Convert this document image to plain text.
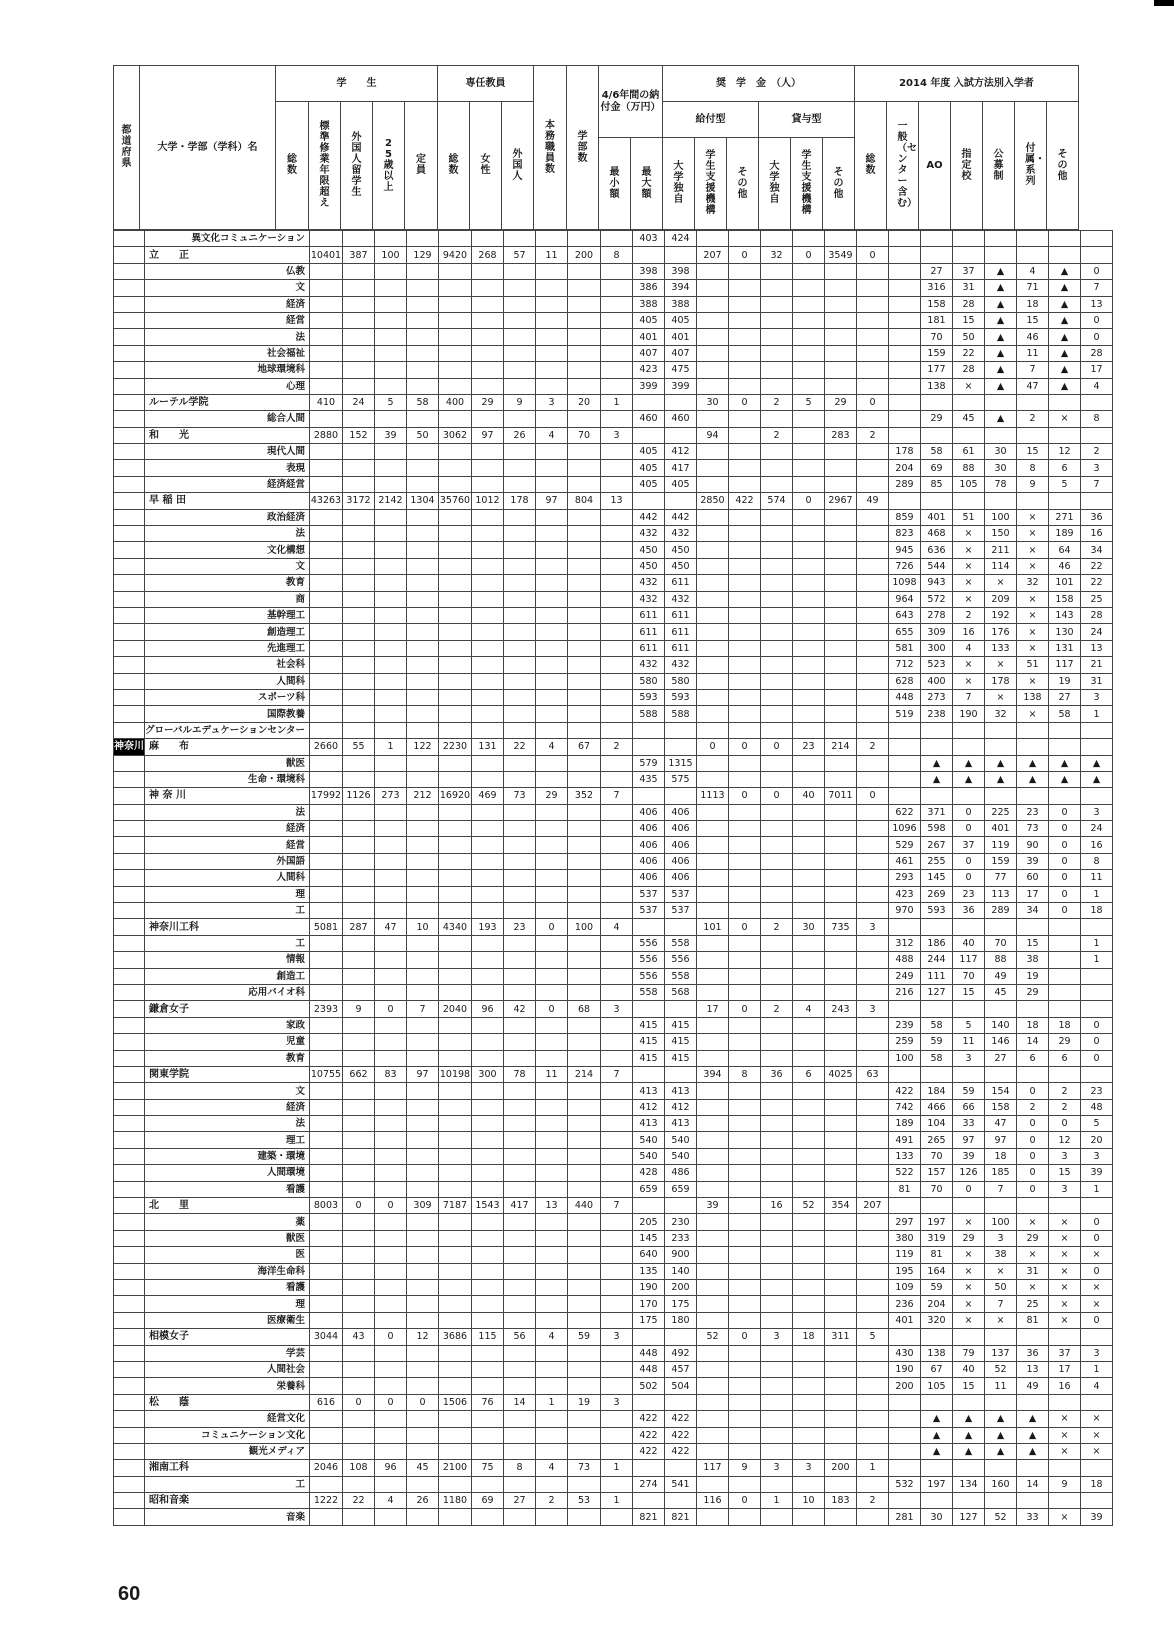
都道府県	大学・学部（学科）名	学　　生					専任教員			本務職員数	学部数	4/6年間の納付金（万円）		奨　学　金　（人）						2014 年度 入試方法別入学者						
		総数	標準修業年限超え	外国人留学生	25歳以上	定員	総数	女性	外国人					給付型			貸与型			総数	一般（センター含む）	AO	指定校	公募制	付属・系列	その他
												最小額	最大額	大学独自	学生支援機構	その他	大学独自	学生支援機構	その他							
	異文化コミュニケーション											403	424													
	立　　正	10401	387	100	129	9420	268	57	11	200	8			207	0	32	0	3549	0							
	仏教											398	398								27	37	▲	4	▲	0
	文											386	394								316	31	▲	71	▲	7
	経済											388	388								158	28	▲	18	▲	13
	経営											405	405								181	15	▲	15	▲	0
	法											401	401								70	50	▲	46	▲	0
	社会福祉											407	407								159	22	▲	11	▲	28
	地球環境科											423	475								177	28	▲	7	▲	17
	心理											399	399								138	×	▲	47	▲	4
	ルーテル学院	410	24	5	58	400	29	9	3	20	1			30	0	2	5	29	0							
	総合人間											460	460								29	45	▲	2	×	8
	和　　光	2880	152	39	50	3062	97	26	4	70	3			94		2		283	2							
	現代人間											405	412							178	58	61	30	15	12	2
	表現											405	417							204	69	88	30	8	6	3
	経済経営											405	405							289	85	105	78	9	5	7
	早 稲 田	43263	3172	2142	1304	35760	1012	178	97	804	13			2850	422	574	0	2967	49							
	政治経済											442	442							859	401	51	100	×	271	36
	法											432	432							823	468	×	150	×	189	16
	文化構想											450	450							945	636	×	211	×	64	34
	文											450	450							726	544	×	114	×	46	22
	教育											432	611							1098	943	×	×	32	101	22
	商											432	432							964	572	×	209	×	158	25
	基幹理工											611	611							643	278	2	192	×	143	28
	創造理工											611	611							655	309	16	176	×	130	24
	先進理工											611	611							581	300	4	133	×	131	13
	社会科											432	432							712	523	×	×	51	117	21
	人間科											580	580							628	400	×	178	×	19	31
	スポーツ科											593	593							448	273	7	×	138	27	3
	国際教養											588	588							519	238	190	32	×	58	1
	グローバルエデュケーションセンター																									
神奈川	麻　　布	2660	55	1	122	2230	131	22	4	67	2			0	0	0	23	214	2							
	獣医											579	1315								▲	▲	▲	▲	▲	▲
	生命・環境科											435	575								▲	▲	▲	▲	▲	▲
	神 奈 川	17992	1126	273	212	16920	469	73	29	352	7			1113	0	0	40	7011	0							
	法											406	406							622	371	0	225	23	0	3
	経済											406	406							1096	598	0	401	73	0	24
	経営											406	406							529	267	37	119	90	0	16
	外国語											406	406							461	255	0	159	39	0	8
	人間科											406	406							293	145	0	77	60	0	11
	理											537	537							423	269	23	113	17	0	1
	工											537	537							970	593	36	289	34	0	18
	神奈川工科	5081	287	47	10	4340	193	23	0	100	4			101	0	2	30	735	3							
	工											556	558							312	186	40	70	15		1
	情報											556	556							488	244	117	88	38		1
	創造工											556	558							249	111	70	49	19		
	応用バイオ科											558	568							216	127	15	45	29		
	鎌倉女子	2393	9	0	7	2040	96	42	0	68	3			17	0	2	4	243	3							
	家政											415	415							239	58	5	140	18	18	0
	児童											415	415							259	59	11	146	14	29	0
	教育											415	415							100	58	3	27	6	6	0
	関東学院	10755	662	83	97	10198	300	78	11	214	7			394	8	36	6	4025	63							
	文											413	413							422	184	59	154	0	2	23
	経済											412	412							742	466	66	158	2	2	48
	法											413	413							189	104	33	47	0	0	5
	理工											540	540							491	265	97	97	0	12	20
	建築・環境											540	540							133	70	39	18	0	3	3
	人間環境											428	486							522	157	126	185	0	15	39
	看護											659	659							81	70	0	7	0	3	1
	北　　里	8003	0	0	309	7187	1543	417	13	440	7			39		16	52	354	207							
	薬											205	230							297	197	×	100	×	×	0
	獣医											145	233							380	319	29	3	29	×	0
	医											640	900							119	81	×	38	×	×	×
	海洋生命科											135	140							195	164	×	×	31	×	0
	看護											190	200							109	59	×	50	×	×	×
	理											170	175							236	204	×	7	25	×	×
	医療衛生											175	180							401	320	×	×	81	×	0
	相模女子	3044	43	0	12	3686	115	56	4	59	3			52	0	3	18	311	5							
	学芸											448	492							430	138	79	137	36	37	3
	人間社会											448	457							190	67	40	52	13	17	1
	栄養科											502	504							200	105	15	11	49	16	4
	松　　蔭	616	0	0	0	1506	76	14	1	19	3															
	経営文化											422	422								▲	▲	▲	▲	×	×
	コミュニケーション文化											422	422								▲	▲	▲	▲	×	×
	観光メディア											422	422								▲	▲	▲	▲	×	×
	湘南工科	2046	108	96	45	2100	75	8	4	73	1			117	9	3	3	200	1							
	工											274	541							532	197	134	160	14	9	18
	昭和音楽	1222	22	4	26	1180	69	27	2	53	1			116	0	1	10	183	2							
	音楽											821	821							281	30	127	52	33	×	39
60
